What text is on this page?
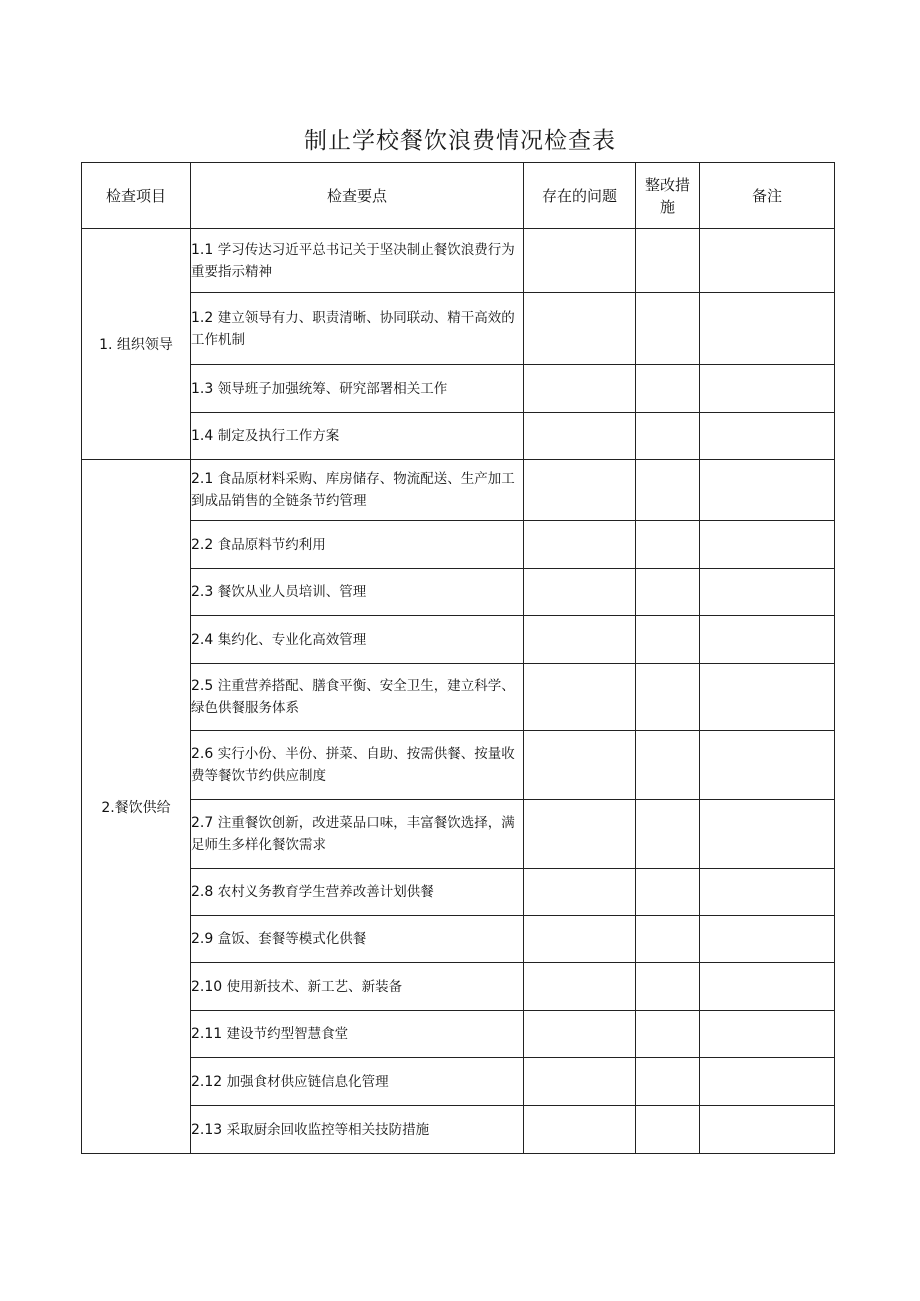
制止学校餐饮浪费情况检查表
检查项目	检查要点	存在的问题	整改措施	备注
1. 组织领导	1.1 学习传达习近平总书记关于坚决制止餐饮浪费行为重要指示精神			
	1.2 建立领导有力、职责清晰、协同联动、精干高效的工作机制			
	1.3 领导班子加强统筹、研究部署相关工作			
	1.4 制定及执行工作方案			
2.餐饮供给	2.1 食品原材料采购、库房储存、物流配送、生产加工到成品销售的全链条节约管理			
	2.2 食品原料节约利用			
	2.3 餐饮从业人员培训、管理			
	2.4 集约化、专业化高效管理			
	2.5 注重营养搭配、膳食平衡、安全卫生，建立科学、绿色供餐服务体系			
	2.6 实行小份、半份、拼菜、自助、按需供餐、按量收费等餐饮节约供应制度			
	2.7 注重餐饮创新，改进菜品口味，丰富餐饮选择，满足师生多样化餐饮需求			
	2.8 农村义务教育学生营养改善计划供餐			
	2.9 盒饭、套餐等模式化供餐			
	2.10 使用新技术、新工艺、新装备			
	2.11 建设节约型智慧食堂			
	2.12 加强食材供应链信息化管理			
	2.13 采取厨余回收监控等相关技防措施			
